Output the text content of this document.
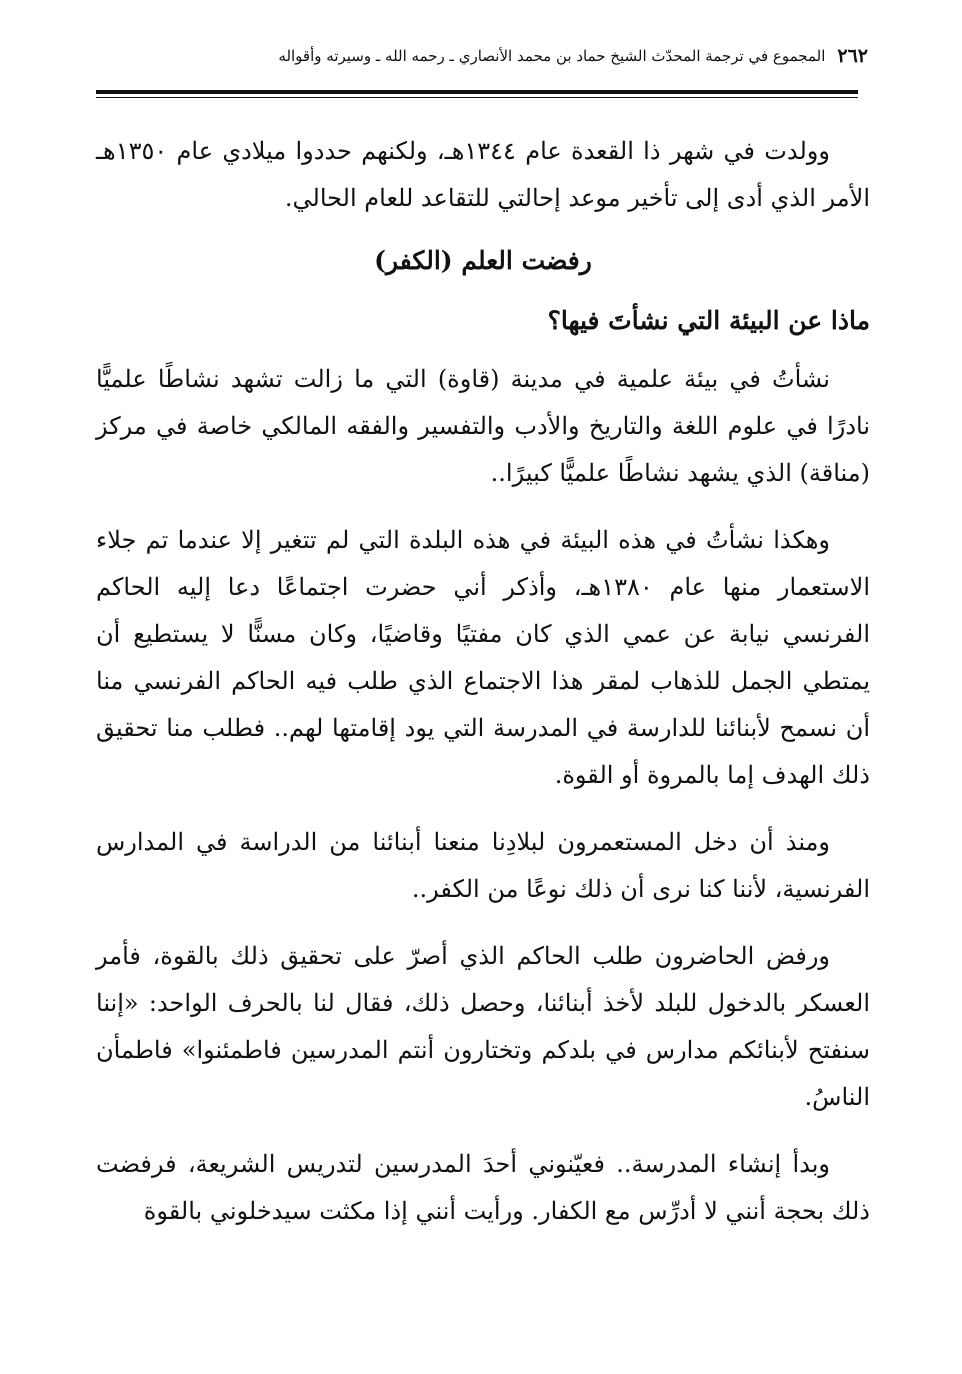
٢٦٢
المجموع في ترجمة المحدّث الشيخ حماد بن محمد الأنصاري ـ رحمه الله ـ وسيرته وأقواله

وولدت في شهر ذا القعدة عام ١٣٤٤هـ، ولكنهم حددوا ميلادي عام ١٣٥٠هـ الأمر الذي أدى إلى تأخير موعد إحالتي للتقاعد للعام الحالي.

رفضت العلم (الكفر)
ماذا عن البيئة التي نشأتَ فيها؟

نشأتُ في بيئة علمية في مدينة (قاوة) التي ما زالت تشهد نشاطًا علميًّا نادرًا في علوم اللغة والتاريخ والأدب والتفسير والفقه المالكي خاصة في مركز (مناقة) الذي يشهد نشاطًا علميًّا كبيرًا..

وهكذا نشأتُ في هذه البيئة في هذه البلدة التي لم تتغير إلا عندما تم جلاء الاستعمار منها عام ١٣٨٠هـ، وأذكر أني حضرت اجتماعًا دعا إليه الحاكم الفرنسي نيابة عن عمي الذي كان مفتيًا وقاضيًا، وكان مسنًّا لا يستطيع أن يمتطي الجمل للذهاب لمقر هذا الاجتماع الذي طلب فيه الحاكم الفرنسي منا أن نسمح لأبنائنا للدارسة في المدرسة التي يود إقامتها لهم.. فطلب منا تحقيق ذلك الهدف إما بالمروة أو القوة.

ومنذ أن دخل المستعمرون لبلادِنا منعنا أبنائنا من الدراسة في المدارس الفرنسية، لأننا كنا نرى أن ذلك نوعًا من الكفر..

ورفض الحاضرون طلب الحاكم الذي أصرّ على تحقيق ذلك بالقوة، فأمر العسكر بالدخول للبلد لأخذ أبنائنا، وحصل ذلك، فقال لنا بالحرف الواحد: «إننا سنفتح لأبنائكم مدارس في بلدكم وتختارون أنتم المدرسين فاطمئنوا» فاطمأن الناسُ.

وبدأ إنشاء المدرسة.. فعيّنوني أحدَ المدرسين لتدريس الشريعة، فرفضت ذلك بحجة أنني لا أدرِّس مع الكفار. ورأيت أنني إذا مكثت سيدخلوني بالقوة
